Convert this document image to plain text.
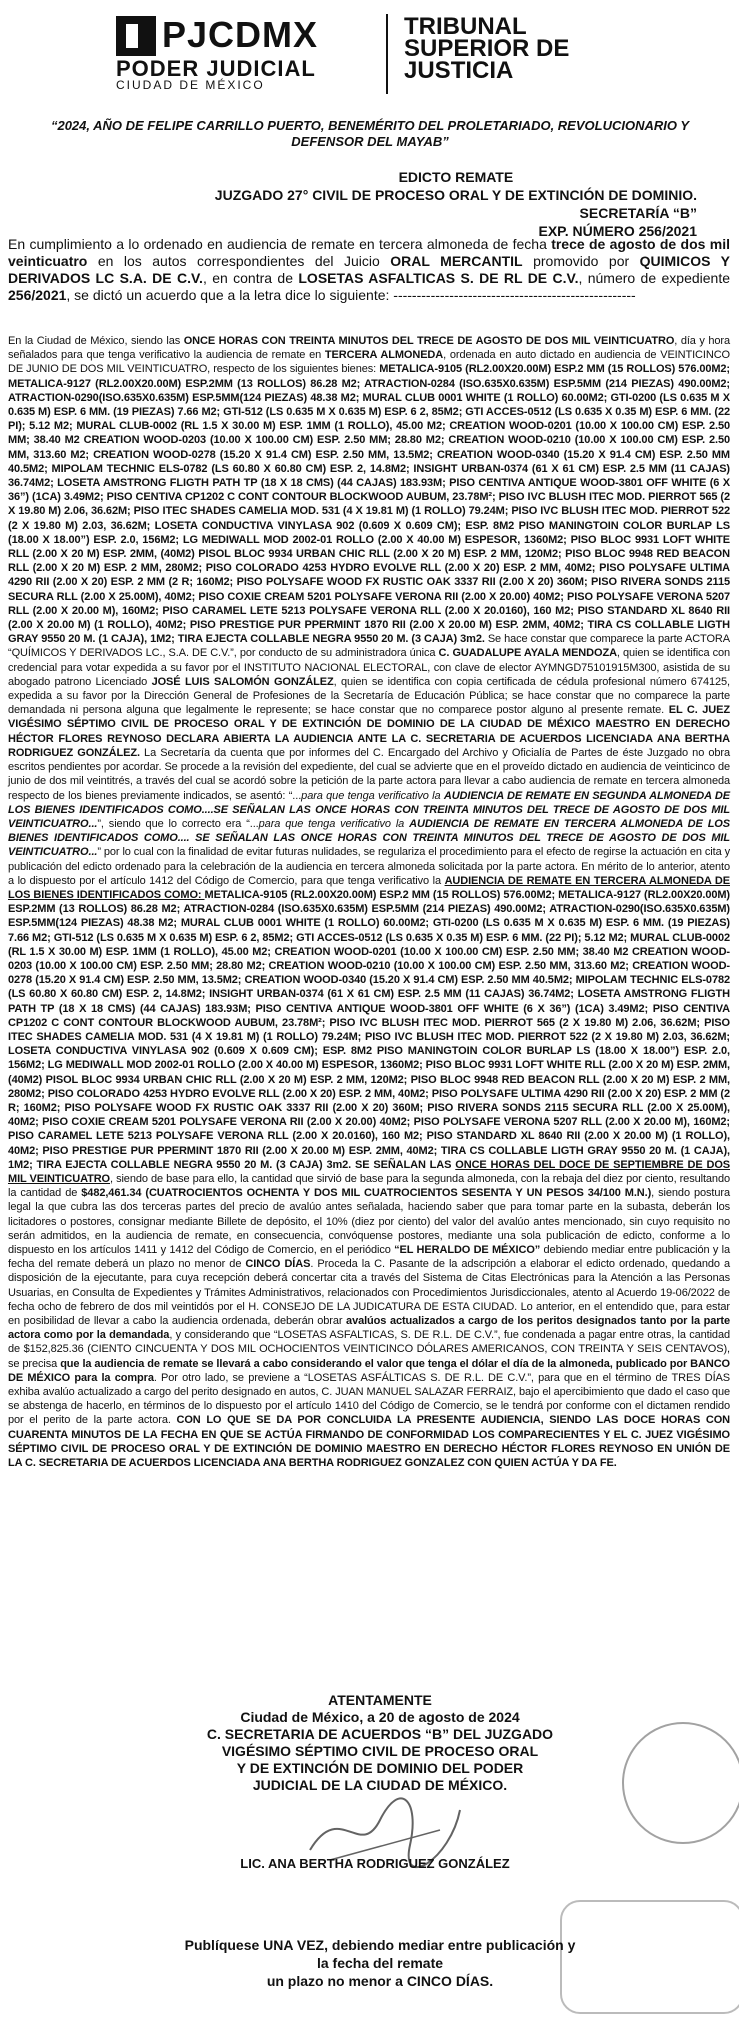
PJCDMX
PODER JUDICIAL
CIUDAD DE MÉXICO
TRIBUNAL
SUPERIOR DE
JUSTICIA
“2024, AÑO DE FELIPE CARRILLO PUERTO, BENEMÉRITO DEL PROLETARIADO, REVOLUCIONARIO Y DEFENSOR DEL MAYAB”
EDICTO REMATE
JUZGADO 27° CIVIL DE PROCESO ORAL Y DE EXTINCIÓN DE DOMINIO.
SECRETARÍA “B”
EXP. NÚMERO 256/2021
En cumplimiento a lo ordenado en audiencia de remate en tercera almoneda de fecha trece de agosto de dos mil veinticuatro en los autos correspondientes del Juicio ORAL MERCANTIL promovido por QUIMICOS Y DERIVADOS LC S.A. DE C.V., en contra de LOSETAS ASFALTICAS S. DE RL DE C.V., número de expediente 256/2021, se dictó un acuerdo que a la letra dice lo siguiente: ----------------------------------------------------
En la Ciudad de México, siendo las ONCE HORAS CON TREINTA MINUTOS DEL TRECE DE AGOSTO DE DOS MIL VEINTICUATRO, día y hora señalados para que tenga verificativo la audiencia de remate en TERCERA ALMONEDA, ordenada en auto dictado en audiencia de VEINTICINCO DE JUNIO DE DOS MIL VEINTICUATRO, respecto de los siguientes bienes: METALICA-9105 (RL2.00X20.00M) ESP.2 MM (15 ROLLOS) 576.00M2; METALICA-9127 (RL2.00X20.00M) ESP.2MM (13 ROLLOS) 86.28 M2; ATRACTION-0284 (ISO.635X0.635M) ESP.5MM (214 PIEZAS) 490.00M2; ATRACTION-0290(ISO.635X0.635M) ESP.5MM(124 PIEZAS) 48.38 M2; MURAL CLUB 0001 WHITE (1 ROLLO) 60.00M2; GTI-0200 (LS 0.635 M X 0.635 M) ESP. 6 MM. (19 PIEZAS) 7.66 M2; GTI-512 (LS 0.635 M X 0.635 M) ESP. 6 2, 85M2; GTI ACCES-0512 (LS 0.635 X 0.35 M) ESP. 6 MM. (22 PI); 5.12 M2; MURAL CLUB-0002 (RL 1.5 X 30.00 M) ESP. 1MM (1 ROLLO), 45.00 M2; CREATION WOOD-0201 (10.00 X 100.00 CM) ESP. 2.50 MM; 38.40 M2 CREATION WOOD-0203 (10.00 X 100.00 CM) ESP. 2.50 MM; 28.80 M2; CREATION WOOD-0210 (10.00 X 100.00 CM) ESP. 2.50 MM, 313.60 M2; CREATION WOOD-0278 (15.20 X 91.4 CM) ESP. 2.50 MM, 13.5M2; CREATION WOOD-0340 (15.20 X 91.4 CM) ESP. 2.50 MM 40.5M2; MIPOLAM TECHNIC ELS-0782 (LS 60.80 X 60.80 CM) ESP. 2, 14.8M2; INSIGHT URBAN-0374 (61 X 61 CM) ESP. 2.5 MM (11 CAJAS) 36.74M2; LOSETA AMSTRONG FLIGTH PATH TP (18 X 18 CMS) (44 CAJAS) 183.93M; PISO CENTIVA ANTIQUE WOOD-3801 OFF WHITE (6 X 36”) (1CA) 3.49M2; PISO CENTIVA CP1202 C CONT CONTOUR BLOCKWOOD AUBUM, 23.78M²; PISO IVC BLUSH ITEC MOD. PIERROT 565 (2 X 19.80 M) 2.06, 36.62M; PISO ITEC SHADES CAMELIA MOD. 531 (4 X 19.81 M) (1 ROLLO) 79.24M; PISO IVC BLUSH ITEC MOD. PIERROT 522 (2 X 19.80 M) 2.03, 36.62M; LOSETA CONDUCTIVA VINYLASA 902 (0.609 X 0.609 CM); ESP. 8M2 PISO MANINGTOIN COLOR BURLAP LS (18.00 X 18.00”) ESP. 2.0, 156M2; LG MEDIWALL MOD 2002-01 ROLLO (2.00 X 40.00 M) ESPESOR, 1360M2; PISO BLOC 9931 LOFT WHITE RLL (2.00 X 20 M) ESP. 2MM, (40M2) PISOL BLOC 9934 URBAN CHIC RLL (2.00 X 20 M) ESP. 2 MM, 120M2; PISO BLOC 9948 RED BEACON RLL (2.00 X 20 M) ESP. 2 MM, 280M2; PISO COLORADO 4253 HYDRO EVOLVE RLL (2.00 X 20) ESP. 2 MM, 40M2; PISO POLYSAFE ULTIMA 4290 RII (2.00 X 20) ESP. 2 MM (2 R; 160M2; PISO POLYSAFE WOOD FX RUSTIC OAK 3337 RII (2.00 X 20) 360M; PISO RIVERA SONDS 2115 SECURA RLL (2.00 X 25.00M), 40M2; PISO COXIE CREAM 5201 POLYSAFE VERONA RII (2.00 X 20.00) 40M2; PISO POLYSAFE VERONA 5207 RLL (2.00 X 20.00 M), 160M2; PISO CARAMEL LETE 5213 POLYSAFE VERONA RLL (2.00 X 20.0160), 160 M2; PISO STANDARD XL 8640 RII (2.00 X 20.00 M) (1 ROLLO), 40M2; PISO PRESTIGE PUR PPERMINT 1870 RII (2.00 X 20.00 M) ESP. 2MM, 40M2; TIRA CS COLLABLE LIGTH GRAY 9550 20 M. (1 CAJA), 1M2; TIRA EJECTA COLLABLE NEGRA 9550 20 M. (3 CAJA) 3m2. Se hace constar que comparece la parte ACTORA “QUÍMICOS Y DERIVADOS LC., S.A. DE C.V.”, por conducto de su administradora única C. GUADALUPE AYALA MENDOZA, quien se identifica con credencial para votar expedida a su favor por el INSTITUTO NACIONAL ELECTORAL, con clave de elector AYMNGD75101915M300, asistida de su abogado patrono Licenciado JOSÉ LUIS SALOMÓN GONZÁLEZ, quien se identifica con copia certificada de cédula profesional número 674125, expedida a su favor por la Dirección General de Profesiones de la Secretaría de Educación Pública; se hace constar que no comparece la parte demandada ni persona alguna que legalmente le represente; se hace constar que no comparece postor alguno al presente remate. EL C. JUEZ VIGÉSIMO SÉPTIMO CIVIL DE PROCESO ORAL Y DE EXTINCIÓN DE DOMINIO DE LA CIUDAD DE MÉXICO MAESTRO EN DERECHO HÉCTOR FLORES REYNOSO DECLARA ABIERTA LA AUDIENCIA ANTE LA C. SECRETARIA DE ACUERDOS LICENCIADA ANA BERTHA RODRIGUEZ GONZÁLEZ. La Secretaría da cuenta que por informes del C. Encargado del Archivo y Oficialía de Partes de éste Juzgado no obra escritos pendientes por acordar. Se procede a la revisión del expediente, del cual se advierte que en el proveído dictado en audiencia de veinticinco de junio de dos mil veintitrés, a través del cual se acordó sobre la petición de la parte actora para llevar a cabo audiencia de remate en tercera almoneda respecto de los bienes previamente indicados, se asentó: “...para que tenga verificativo la AUDIENCIA DE REMATE EN SEGUNDA ALMONEDA DE LOS BIENES IDENTIFICADOS COMO....SE SEÑALAN LAS ONCE HORAS CON TREINTA MINUTOS DEL TRECE DE AGOSTO DE DOS MIL VEINTICUATRO...”, siendo que lo correcto era “...para que tenga verificativo la AUDIENCIA DE REMATE EN TERCERA ALMONEDA DE LOS BIENES IDENTIFICADOS COMO.... SE SEÑALAN LAS ONCE HORAS CON TREINTA MINUTOS DEL TRECE DE AGOSTO DE DOS MIL VEINTICUATRO...” por lo cual con la finalidad de evitar futuras nulidades, se regulariza el procedimiento para el efecto de regirse la actuación en cita y publicación del edicto ordenado para la celebración de la audiencia en tercera almoneda solicitada por la parte actora. En mérito de lo anterior, atento a lo dispuesto por el artículo 1412 del Código de Comercio, para que tenga verificativo la AUDIENCIA DE REMATE EN TERCERA ALMONEDA DE LOS BIENES IDENTIFICADOS COMO: METALICA-9105 (RL2.00X20.00M) ESP.2 MM (15 ROLLOS) 576.00M2; METALICA-9127 (RL2.00X20.00M) ESP.2MM (13 ROLLOS) 86.28 M2; ATRACTION-0284 (ISO.635X0.635M) ESP.5MM (214 PIEZAS) 490.00M2; ATRACTION-0290(ISO.635X0.635M) ESP.5MM(124 PIEZAS) 48.38 M2; MURAL CLUB 0001 WHITE (1 ROLLO) 60.00M2; GTI-0200 (LS 0.635 M X 0.635 M) ESP. 6 MM. (19 PIEZAS) 7.66 M2; GTI-512 (LS 0.635 M X 0.635 M) ESP. 6 2, 85M2; GTI ACCES-0512 (LS 0.635 X 0.35 M) ESP. 6 MM. (22 PI); 5.12 M2; MURAL CLUB-0002 (RL 1.5 X 30.00 M) ESP. 1MM (1 ROLLO), 45.00 M2; CREATION WOOD-0201 (10.00 X 100.00 CM) ESP. 2.50 MM; 38.40 M2 CREATION WOOD-0203 (10.00 X 100.00 CM) ESP. 2.50 MM; 28.80 M2; CREATION WOOD-0210 (10.00 X 100.00 CM) ESP. 2.50 MM, 313.60 M2; CREATION WOOD-0278 (15.20 X 91.4 CM) ESP. 2.50 MM, 13.5M2; CREATION WOOD-0340 (15.20 X 91.4 CM) ESP. 2.50 MM 40.5M2; MIPOLAM TECHNIC ELS-0782 (LS 60.80 X 60.80 CM) ESP. 2, 14.8M2; INSIGHT URBAN-0374 (61 X 61 CM) ESP. 2.5 MM (11 CAJAS) 36.74M2; LOSETA AMSTRONG FLIGTH PATH TP (18 X 18 CMS) (44 CAJAS) 183.93M; PISO CENTIVA ANTIQUE WOOD-3801 OFF WHITE (6 X 36”) (1CA) 3.49M2; PISO CENTIVA CP1202 C CONT CONTOUR BLOCKWOOD AUBUM, 23.78M²; PISO IVC BLUSH ITEC MOD. PIERROT 565 (2 X 19.80 M) 2.06, 36.62M; PISO ITEC SHADES CAMELIA MOD. 531 (4 X 19.81 M) (1 ROLLO) 79.24M; PISO IVC BLUSH ITEC MOD. PIERROT 522 (2 X 19.80 M) 2.03, 36.62M; LOSETA CONDUCTIVA VINYLASA 902 (0.609 X 0.609 CM); ESP. 8M2 PISO MANINGTOIN COLOR BURLAP LS (18.00 X 18.00”) ESP. 2.0, 156M2; LG MEDIWALL MOD 2002-01 ROLLO (2.00 X 40.00 M) ESPESOR, 1360M2; PISO BLOC 9931 LOFT WHITE RLL (2.00 X 20 M) ESP. 2MM, (40M2) PISOL BLOC 9934 URBAN CHIC RLL (2.00 X 20 M) ESP. 2 MM, 120M2; PISO BLOC 9948 RED BEACON RLL (2.00 X 20 M) ESP. 2 MM, 280M2; PISO COLORADO 4253 HYDRO EVOLVE RLL (2.00 X 20) ESP. 2 MM, 40M2; PISO POLYSAFE ULTIMA 4290 RII (2.00 X 20) ESP. 2 MM (2 R; 160M2; PISO POLYSAFE WOOD FX RUSTIC OAK 3337 RII (2.00 X 20) 360M; PISO RIVERA SONDS 2115 SECURA RLL (2.00 X 25.00M), 40M2; PISO COXIE CREAM 5201 POLYSAFE VERONA RII (2.00 X 20.00) 40M2; PISO POLYSAFE VERONA 5207 RLL (2.00 X 20.00 M), 160M2; PISO CARAMEL LETE 5213 POLYSAFE VERONA RLL (2.00 X 20.0160), 160 M2; PISO STANDARD XL 8640 RII (2.00 X 20.00 M) (1 ROLLO), 40M2; PISO PRESTIGE PUR PPERMINT 1870 RII (2.00 X 20.00 M) ESP. 2MM, 40M2; TIRA CS COLLABLE LIGTH GRAY 9550 20 M. (1 CAJA), 1M2; TIRA EJECTA COLLABLE NEGRA 9550 20 M. (3 CAJA) 3m2. SE SEÑALAN LAS ONCE HORAS DEL DOCE DE SEPTIEMBRE DE DOS MIL VEINTICUATRO, siendo de base para ello, la cantidad que sirvió de base para la segunda almoneda, con la rebaja del diez por ciento, resultando la cantidad de $482,461.34 (CUATROCIENTOS OCHENTA Y DOS MIL CUATROCIENTOS SESENTA Y UN PESOS 34/100 M.N.), siendo postura legal la que cubra las dos terceras partes del precio de avalúo antes señalada, haciendo saber que para tomar parte en la subasta, deberán los licitadores o postores, consignar mediante Billete de depósito, el 10% (diez por ciento) del valor del avalúo antes mencionado, sin cuyo requisito no serán admitidos, en la audiencia de remate, en consecuencia, convóquense postores, mediante una sola publicación de edicto, conforme a lo dispuesto en los artículos 1411 y 1412 del Código de Comercio, en el periódico “EL HERALDO DE MÉXICO” debiendo mediar entre publicación y la fecha del remate deberá un plazo no menor de CINCO DÍAS. Proceda la C. Pasante de la adscripción a elaborar el edicto ordenado, quedando a disposición de la ejecutante, para cuya recepción deberá concertar cita a través del Sistema de Citas Electrónicas para la Atención a las Personas Usuarias, en Consulta de Expedientes y Trámites Administrativos, relacionados con Procedimientos Jurisdiccionales, atento al Acuerdo 19-06/2022 de fecha ocho de febrero de dos mil veintidós por el H. CONSEJO DE LA JUDICATURA DE ESTA CIUDAD. Lo anterior, en el entendido que, para estar en posibilidad de llevar a cabo la audiencia ordenada, deberán obrar avalúos actualizados a cargo de los peritos designados tanto por la parte actora como por la demandada, y considerando que “LOSETAS ASFALTICAS, S. DE R.L. DE C.V.”, fue condenada a pagar entre otras, la cantidad de $152,825.36 (CIENTO CINCUENTA Y DOS MIL OCHOCIENTOS VEINTICINCO DÓLARES AMERICANOS, CON TREINTA Y SEIS CENTAVOS), se precisa que la audiencia de remate se llevará a cabo considerando el valor que tenga el dólar el día de la almoneda, publicado por BANCO DE MÉXICO para la compra. Por otro lado, se previene a “LOSETAS ASFÁLTICAS S. DE R.L. DE C.V.”, para que en el término de TRES DÍAS exhiba avalúo actualizado a cargo del perito designado en autos, C. JUAN MANUEL SALAZAR FERRAIZ, bajo el apercibimiento que dado el caso que se abstenga de hacerlo, en términos de lo dispuesto por el artículo 1410 del Código de Comercio, se le tendrá por conforme con el dictamen rendido por el perito de la parte actora. CON LO QUE SE DA POR CONCLUIDA LA PRESENTE AUDIENCIA, SIENDO LAS DOCE HORAS CON CUARENTA MINUTOS DE LA FECHA EN QUE SE ACTÚA FIRMANDO DE CONFORMIDAD LOS COMPARECIENTES Y EL C. JUEZ VIGÉSIMO SÉPTIMO CIVIL DE PROCESO ORAL Y DE EXTINCIÓN DE DOMINIO MAESTRO EN DERECHO HÉCTOR FLORES REYNOSO EN UNIÓN DE LA C. SECRETARIA DE ACUERDOS LICENCIADA ANA BERTHA RODRIGUEZ GONZALEZ CON QUIEN ACTÚA Y DA FE.
ATENTAMENTE
Ciudad de México, a 20 de agosto de 2024
C. SECRETARIA DE ACUERDOS “B” DEL JUZGADO
VIGÉSIMO SÉPTIMO CIVIL DE PROCESO ORAL
Y DE EXTINCIÓN DE DOMINIO DEL PODER
JUDICIAL DE LA CIUDAD DE MÉXICO.
LIC. ANA BERTHA RODRIGUEZ GONZÁLEZ
Publíquese UNA VEZ, debiendo mediar entre publicación y la fecha del remate
un plazo no menor a CINCO DÍAS.
